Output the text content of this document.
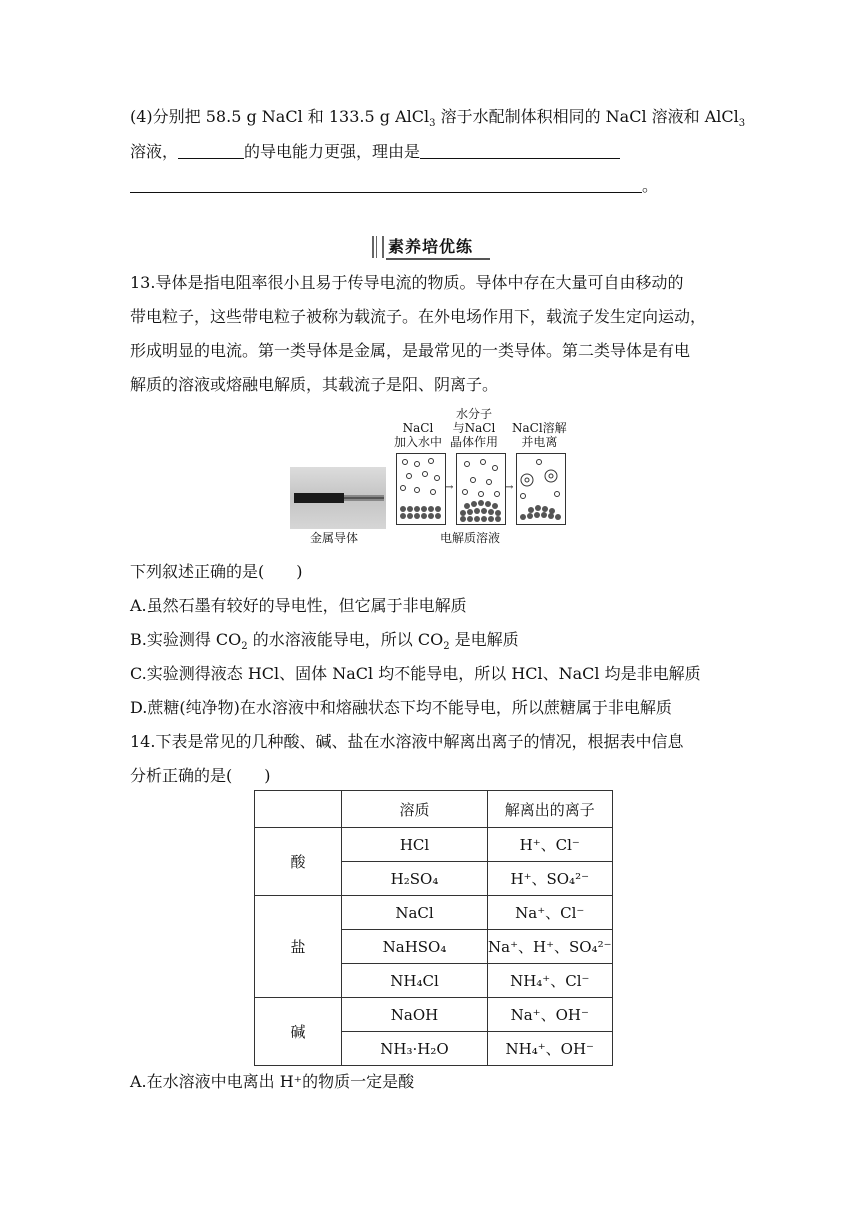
(4)分别把 58.5 g NaCl 和 133.5 g AlCl$_3$ 溶于水配制体积相同的 NaCl 溶液和 AlCl$_3$
溶液，	的导电能力更强，理由是
。
素养培优练
13.导体是指电阻率很小且易于传导电流的物质。导体中存在大量可自由移动的
带电粒子，这些带电粒子被称为载流子。在外电场作用下，载流子发生定向运动，
形成明显的电流。第一类导体是金属，是最常见的一类导体。第二类导体是有电
解质的溶液或熔融电解质，其载流子是阳、阴离子。
金属导体
NaCl
加入水中
水分子
与NaCl
晶体作用
NaCl溶解
并电离
→	→
电解质溶液
下列叙述正确的是(　　)
A.虽然石墨有较好的导电性，但它属于非电解质
B.实验测得 $CO_2$ 的水溶液能导电，所以 $CO_2$ 是电解质
C.实验测得液态 HCl、固体 NaCl 均不能导电，所以 HCl、NaCl 均是非电解质
D.蔗糖(纯净物)在水溶液中和熔融状态下均不能导电，所以蔗糖属于非电解质
14.下表是常见的几种酸、碱、盐在水溶液中解离出离子的情况，根据表中信息
分析正确的是(　　)
	溶质	解离出的离子
酸	HCl	H⁺、Cl⁻
	H₂SO₄	H⁺、SO₄²⁻
盐	NaCl	Na⁺、Cl⁻
	NaHSO₄	Na⁺、H⁺、SO₄²⁻
	NH₄Cl	NH₄⁺、Cl⁻
碱	NaOH	Na⁺、OH⁻
	NH₃·H₂O	NH₄⁺、OH⁻
A.在水溶液中电离出 H⁺的物质一定是酸
